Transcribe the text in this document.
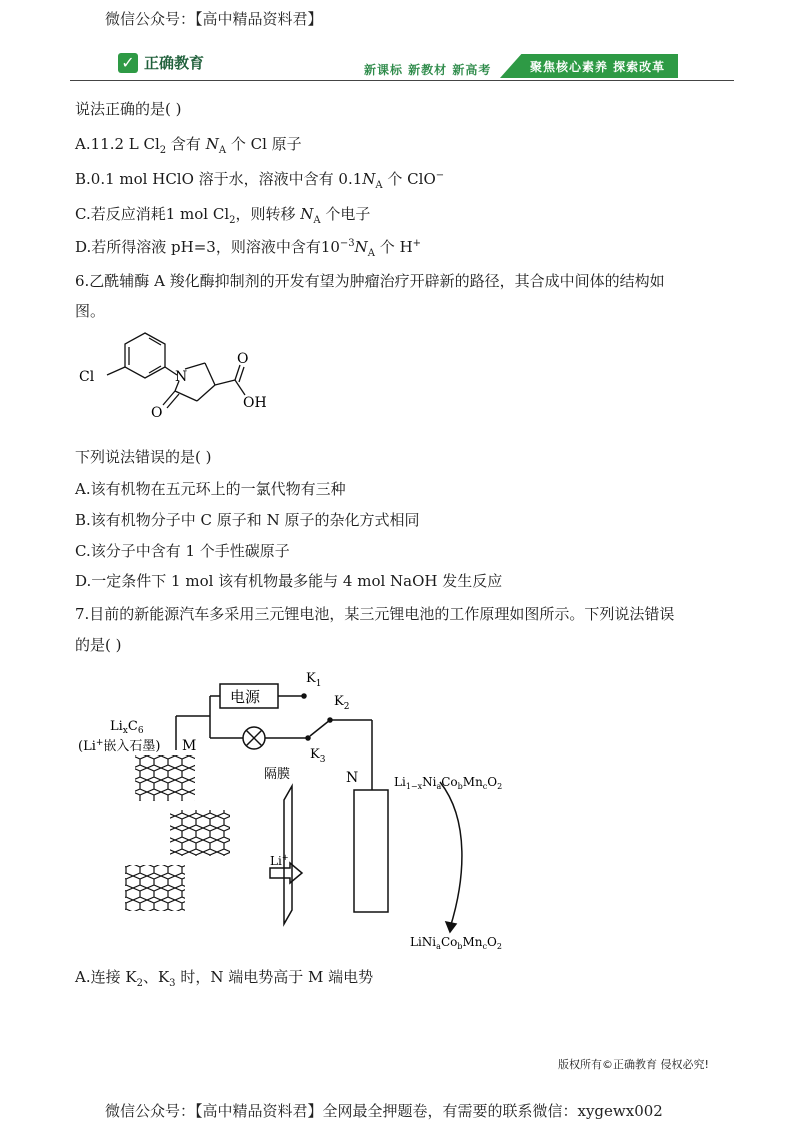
微信公众号：【高中精品资料君】
✓ 正确教育	新课标 新教材 新高考	聚焦核心素养 探索改革
说法正确的是( )
A.11.2 L $Cl_2$ 含有 $N_A$ 个 Cl 原子
B.0.1 mol HClO 溶于水，溶液中含有 $0.1N_A$ 个 ClO−
C.若反应消耗1 mol $Cl_2$，则转移 $N_A$ 个电子
D.若所得溶液 pH=3，则溶液中含有$10^{-3}N_A$ 个 H+
6.乙酰辅酶 A 羧化酶抑制剂的开发有望为肿瘤治疗开辟新的路径，其合成中间体的结构如
图。
Cl	N
O
O
OH
下列说法错误的是( )
A.该有机物在五元环上的一氯代物有三种
B.该有机物分子中 C 原子和 N 原子的杂化方式相同
C.该分子中含有 1 个手性碳原子
D.一定条件下 1 mol 该有机物最多能与 4 mol NaOH 发生反应
7.目前的新能源汽车多采用三元锂电池，某三元锂电池的工作原理如图所示。下列说法错误
的是( )
电源
$K_1$
$K_2$
$K_3$
$Li_xC_6$
(Li+嵌入石墨) M
N
隔膜
Li+
$Li_{1-x}Ni_aCo_bMn_cO_2$
$LiNi_aCo_bMn_cO_2$
A.连接 $K_2$、$K_3$ 时，N 端电势高于 M 端电势
版权所有©正确教育 侵权必究!
微信公众号：【高中精品资料君】全网最全押题卷，有需要的联系微信：xygewx002
